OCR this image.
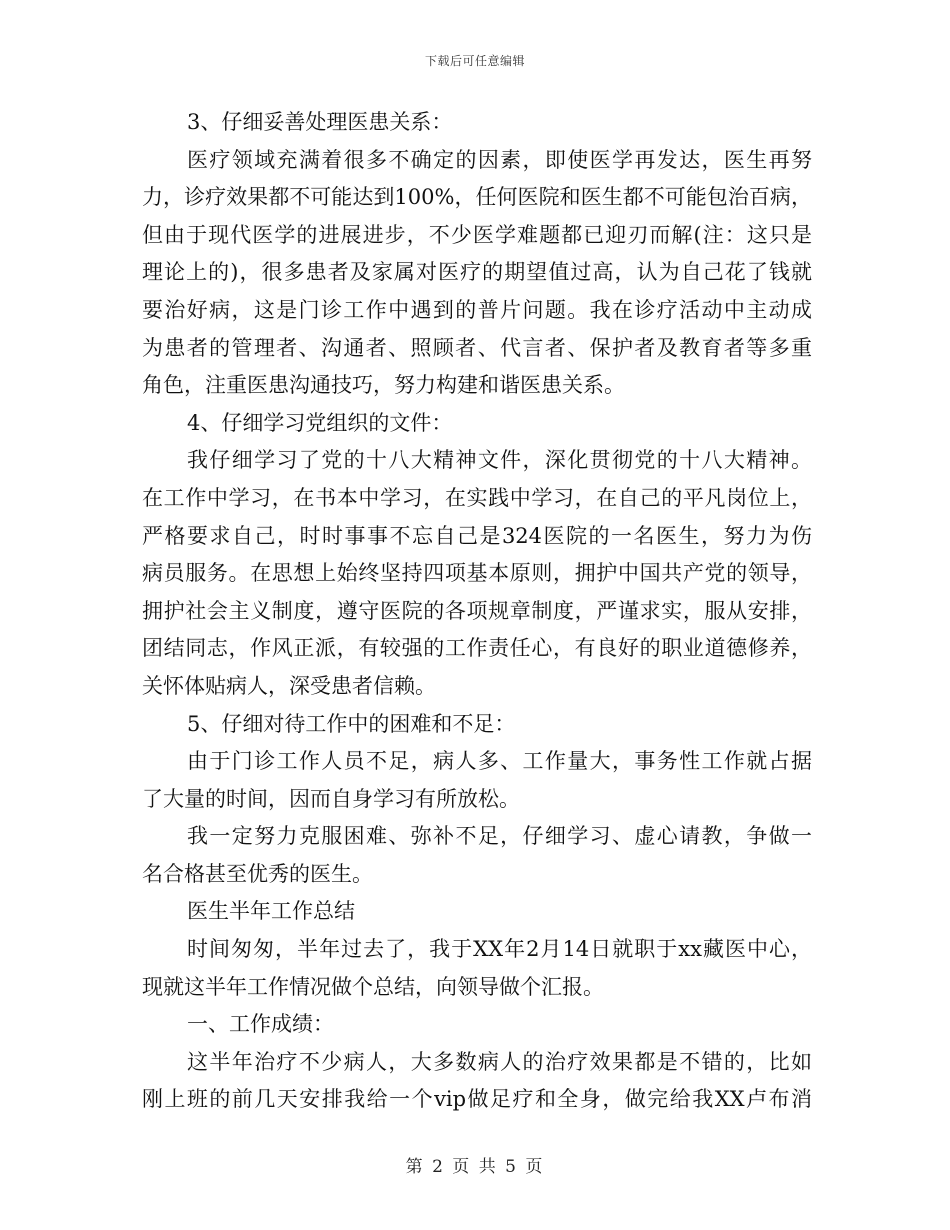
下载后可任意编辑
3、仔细妥善处理医患关系：
医疗领域充满着很多不确定的因素，即使医学再发达，医生再努
力，诊疗效果都不可能达到100%，任何医院和医生都不可能包治百病，
但由于现代医学的进展进步，不少医学难题都已迎刃而解(注：这只是
理论上的)，很多患者及家属对医疗的期望值过高，认为自己花了钱就
要治好病，这是门诊工作中遇到的普片问题。我在诊疗活动中主动成
为患者的管理者、沟通者、照顾者、代言者、保护者及教育者等多重
角色，注重医患沟通技巧，努力构建和谐医患关系。
4、仔细学习党组织的文件：
我仔细学习了党的十八大精神文件，深化贯彻党的十八大精神。
在工作中学习，在书本中学习，在实践中学习，在自己的平凡岗位上，
严格要求自己，时时事事不忘自己是324医院的一名医生，努力为伤
病员服务。在思想上始终坚持四项基本原则，拥护中国共产党的领导，
拥护社会主义制度，遵守医院的各项规章制度，严谨求实，服从安排，
团结同志，作风正派，有较强的工作责任心，有良好的职业道德修养，
关怀体贴病人，深受患者信赖。
5、仔细对待工作中的困难和不足：
由于门诊工作人员不足，病人多、工作量大，事务性工作就占据
了大量的时间，因而自身学习有所放松。
我一定努力克服困难、弥补不足，仔细学习、虚心请教，争做一
名合格甚至优秀的医生。
医生半年工作总结
时间匆匆，半年过去了，我于XX年2月14日就职于xx藏医中心，
现就这半年工作情况做个总结，向领导做个汇报。
一、工作成绩：
这半年治疗不少病人，大多数病人的治疗效果都是不错的，比如
刚上班的前几天安排我给一个vip做足疗和全身，做完给我XX卢布消
第 2 页 共 5 页
